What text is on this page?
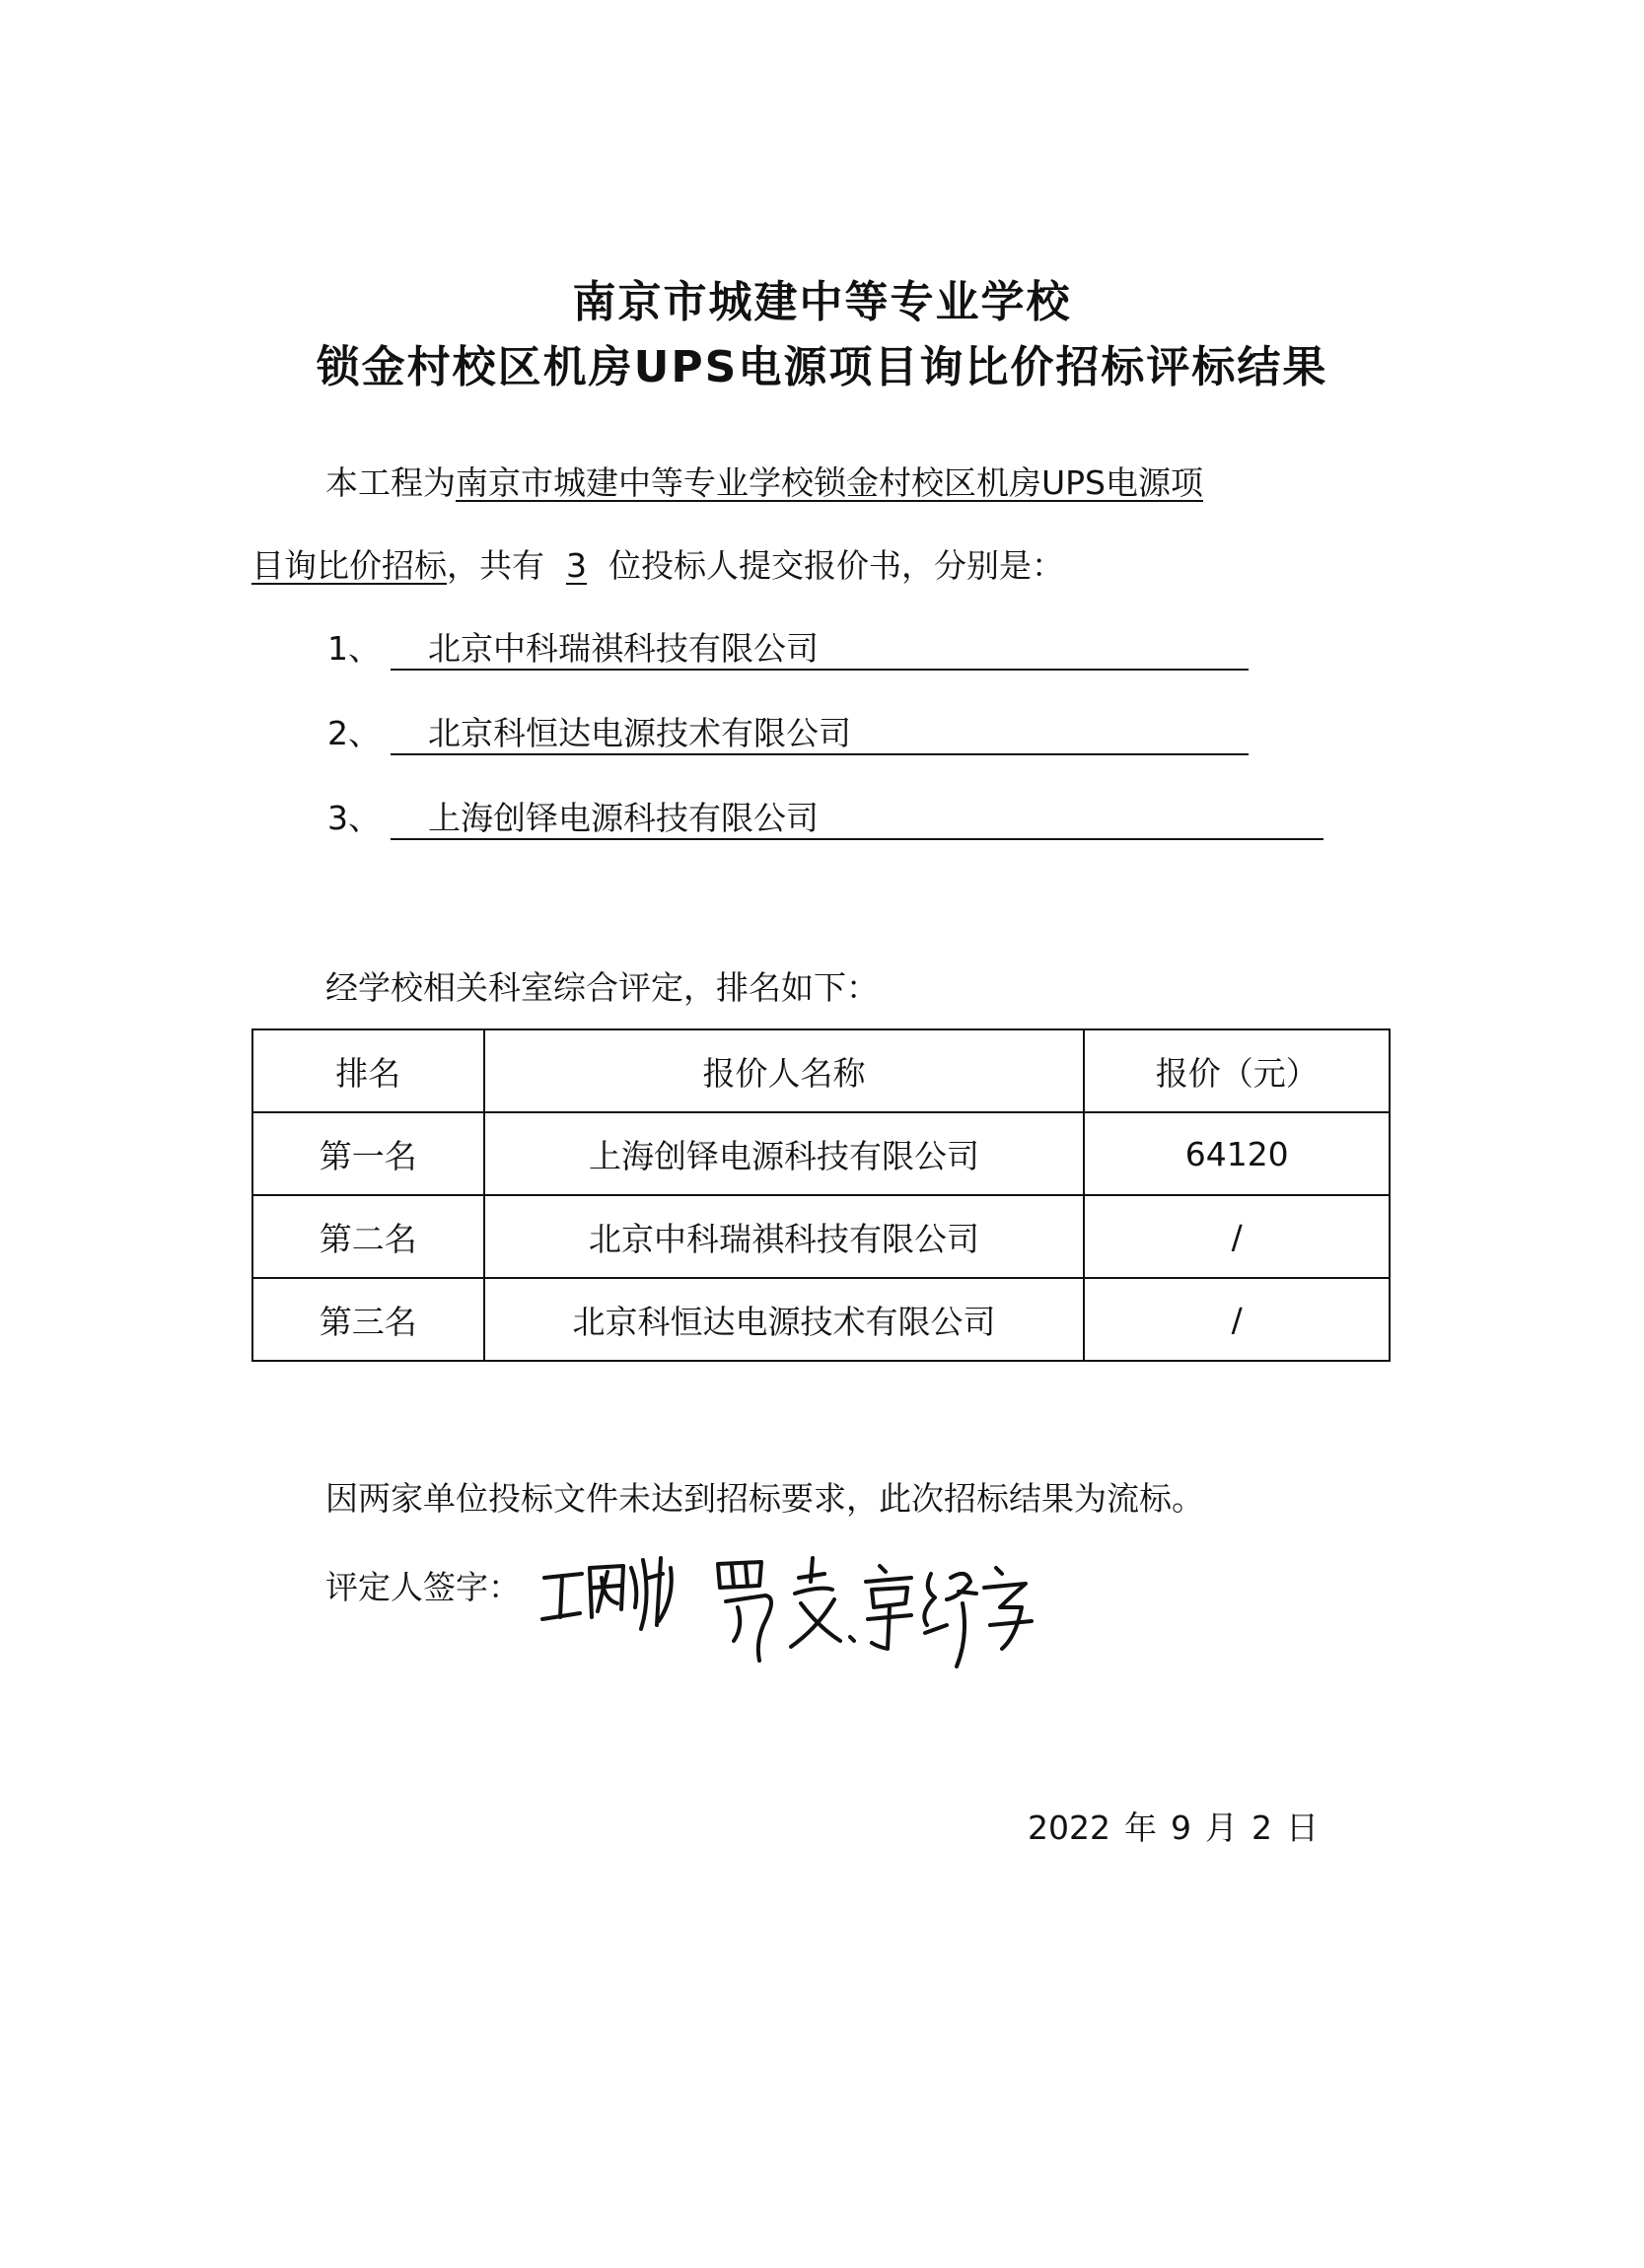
南京市城建中等专业学校
锁金村校区机房UPS电源项目询比价招标评标结果
本工程为南京市城建中等专业学校锁金村校区机房UPS电源项
目询比价招标，共有 3 位投标人提交报价书，分别是：
1、 北京中科瑞祺科技有限公司
2、 北京科恒达电源技术有限公司
3、 上海创铎电源科技有限公司
经学校相关科室综合评定，排名如下：
排名	报价人名称	报价（元）
第一名	上海创铎电源科技有限公司	64120
第二名	北京中科瑞祺科技有限公司	/
第三名	北京科恒达电源技术有限公司	/
因两家单位投标文件未达到招标要求，此次招标结果为流标。
评定人签字：
2022 年 9 月 2 日
